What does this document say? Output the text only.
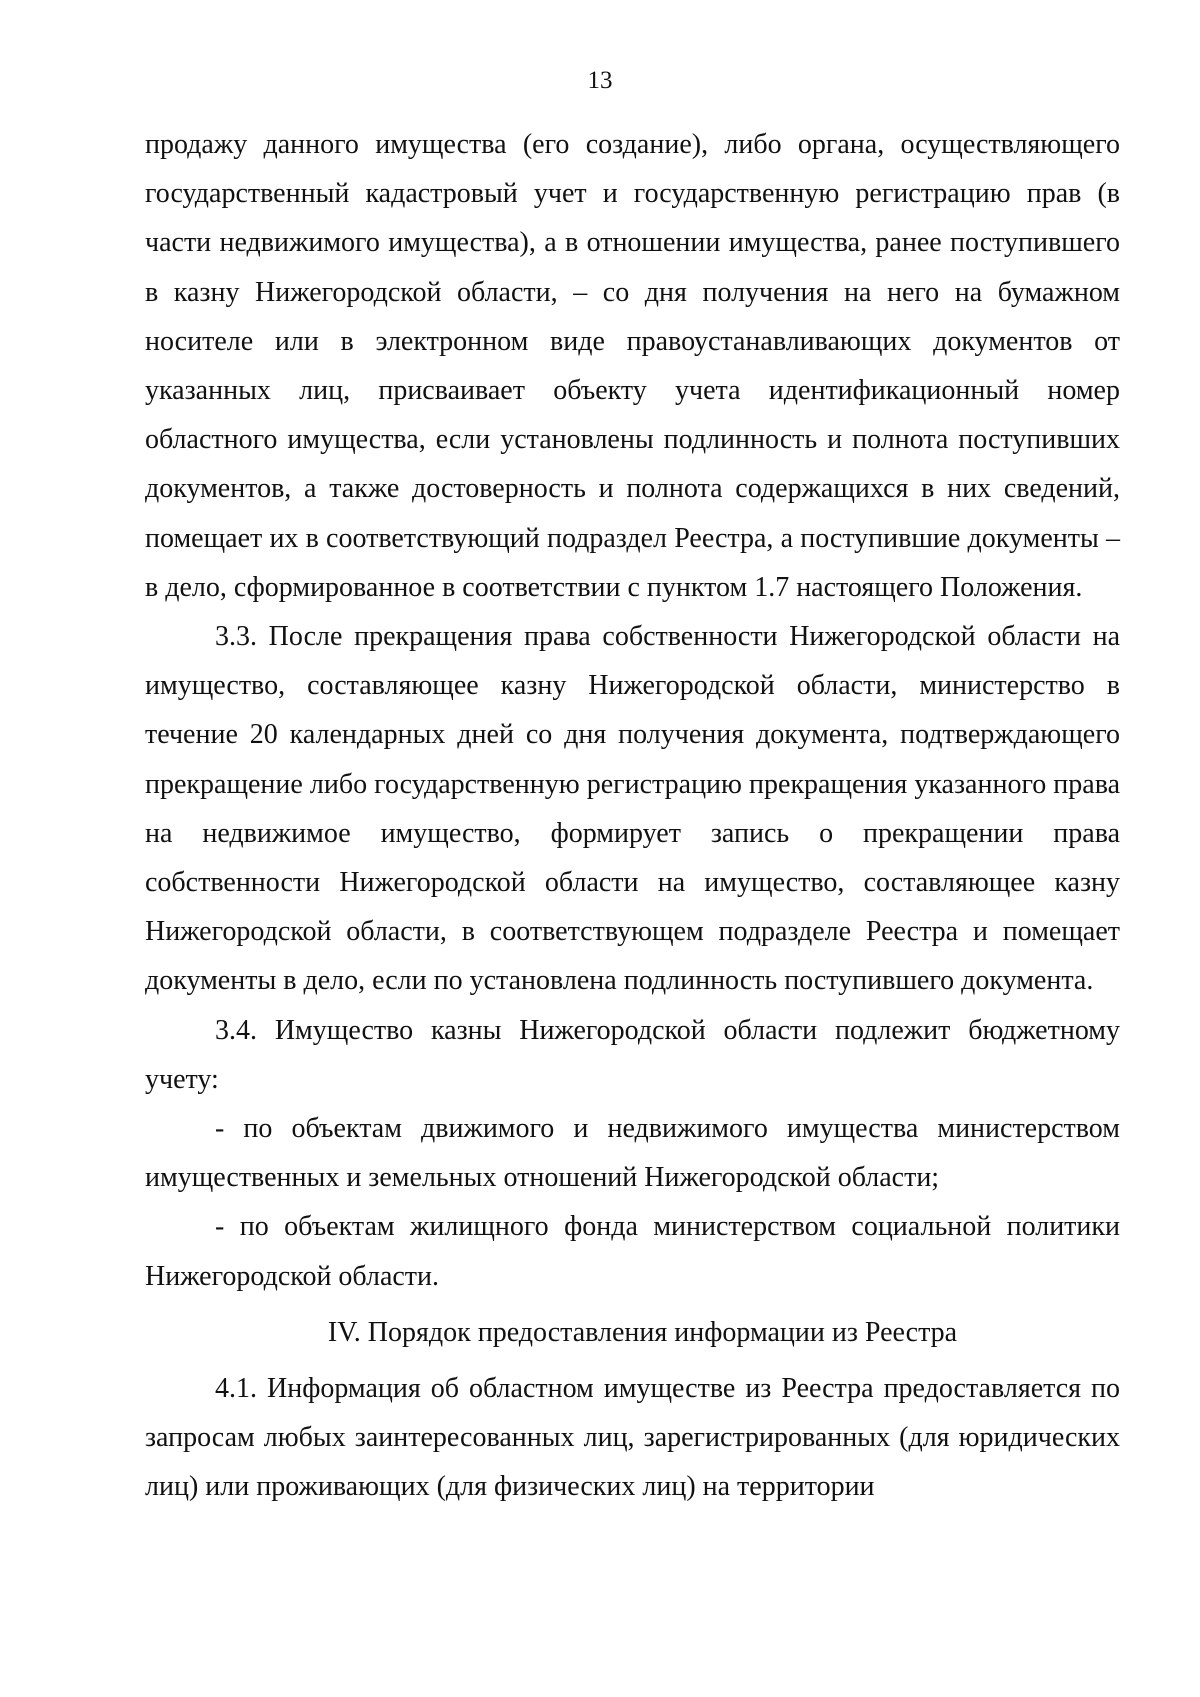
13

продажу данного имущества (его создание), либо органа, осуществляющего государственный кадастровый учет и государственную регистрацию прав (в части недвижимого имущества), а в отношении имущества, ранее поступившего в казну Нижегородской области, – со дня получения на него на бумажном носителе или в электронном виде правоустанавливающих документов от указанных лиц, присваивает объекту учета идентификационный номер областного имущества, если установлены подлинность и полнота поступивших документов, а также достоверность и полнота содержащихся в них сведений, помещает их в соответствующий подраздел Реестра, а поступившие документы – в дело, сформированное в соответствии с пунктом 1.7 настоящего Положения.

3.3. После прекращения права собственности Нижегородской области на имущество, составляющее казну Нижегородской области, министерство в течение 20 календарных дней со дня получения документа, подтверждающего прекращение либо государственную регистрацию прекращения указанного права на недвижимое имущество, формирует запись о прекращении права собственности Нижегородской области на имущество, составляющее казну Нижегородской области, в соответствующем подразделе Реестра и помещает документы в дело, если по установлена подлинность поступившего документа.

3.4. Имущество казны Нижегородской области подлежит бюджетному учету:

- по объектам движимого и недвижимого имущества министерством имущественных и земельных отношений Нижегородской области;

- по объектам жилищного фонда министерством социальной политики Нижегородской области.

IV. Порядок предоставления информации из Реестра

4.1. Информация об областном имуществе из Реестра предоставляется по запросам любых заинтересованных лиц, зарегистрированных (для юридических лиц) или проживающих (для физических лиц) на территории
